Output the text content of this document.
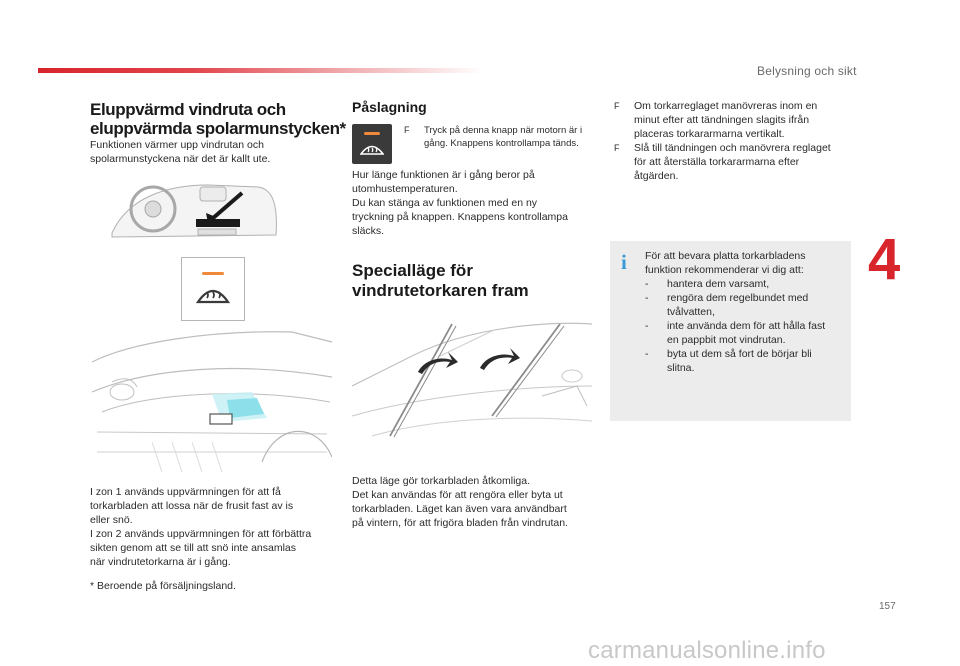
Belysning och sikt
4
157
Eluppvärmd vindruta och
eluppvärmda spolarmunstycken*
Funktionen värmer upp vindrutan och
spolarmunstyckena när det är kallt ute.
I zon 1 används uppvärmningen för att få
torkarbladen att lossa när de frusit fast av is
eller snö.
I zon 2 används uppvärmningen för att förbättra
sikten genom att se till att snö inte ansamlas
när vindrutetorkarna är i gång.
* Beroende på försäljningsland.
Påslagning
F	Tryck på denna knapp när motorn är i
gång. Knappens kontrollampa tänds.
Hur länge funktionen är i gång beror på
utomhustemperaturen.
Du kan stänga av funktionen med en ny
tryckning på knappen. Knappens kontrollampa
släcks.
Specialläge för
vindrutetorkaren fram
Detta läge gör torkarbladen åtkomliga.
Det kan användas för att rengöra eller byta ut
torkarbladen. Läget kan även vara användbart
på vintern, för att frigöra bladen från vindrutan.
F	Om torkarreglaget manövreras inom en
minut efter att tändningen slagits ifrån
placeras torkararmarna vertikalt.
F	Slå till tändningen och manövrera reglaget
för att återställa torkararmarna efter
åtgärden.
i	För att bevara platta torkarbladens
funktion rekommenderar vi dig att:
-	hantera dem varsamt,
-	rengöra dem regelbundet med
tvålvatten,
-	inte använda dem för att hålla fast
en pappbit mot vindrutan.
-	byta ut dem så fort de börjar bli
slitna.
carmanualsonline.info
